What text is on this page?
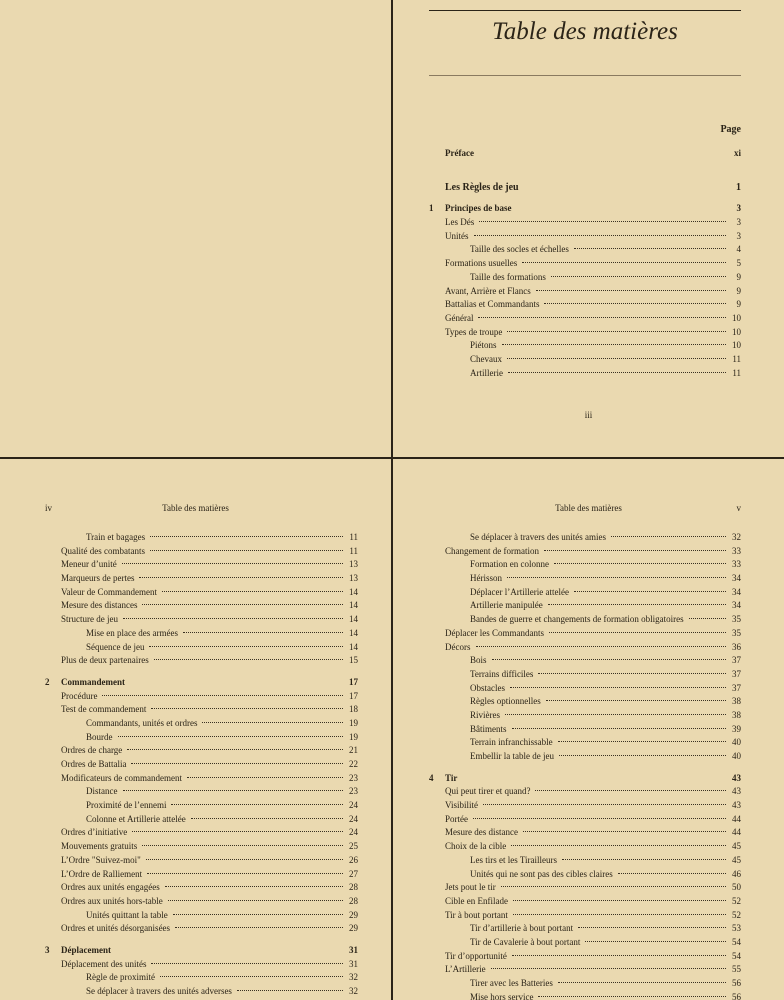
Table des matières
Page
Préface	xi
Les Règles de jeu	1
1	Principes de base	3
Les Dés	3
Unités	3
Taille des socles et échelles	4
Formations usuelles	5
Taille des formations	9
Avant, Arrière et Flancs	9
Battalias et Commandants	9
Général	10
Types de troupe	10
Piétons	10
Chevaux	11
Artillerie	11
iii
iv	Table des matières
Train et bagages	11
Qualité des combatants	11
Meneur d’unité	13
Marqueurs de pertes	13
Valeur de Commandement	14
Mesure des distances	14
Structure de jeu	14
Mise en place des armées	14
Séquence de jeu	14
Plus de deux partenaires	15
2	Commandement	17
Procédure	17
Test de commandement	18
Commandants, unités et ordres	19
Bourde	19
Ordres de charge	21
Ordres de Battalia	22
Modificateurs de commandement	23
Distance	23
Proximité de l’ennemi	24
Colonne et Artillerie attelée	24
Ordres d’initiative	24
Mouvements gratuits	25
L’Ordre "Suivez-moi"	26
L’Ordre de Ralliement	27
Ordres aux unités engagées	28
Ordres aux unités hors-table	28
Unités quittant la table	29
Ordres et unités désorganisées	29
3	Déplacement	31
Déplacement des unités	31
Règle de proximité	32
Se déplacer à travers des unités adverses	32
Table des matières	v
Se déplacer à travers des unités amies	32
Changement de formation	33
Formation en colonne	33
Hérisson	34
Déplacer l’Artillerie attelée	34
Artillerie manipulée	34
Bandes de guerre et changements de formation obligatoires	35
Déplacer les Commandants	35
Décors	36
Bois	37
Terrains difficiles	37
Obstacles	37
Règles optionnelles	38
Rivières	38
Bâtiments	39
Terrain infranchissable	40
Embellir la table de jeu	40
4	Tir	43
Qui peut tirer et quand?	43
Visibilité	43
Portée	44
Mesure des distance	44
Choix de la cible	45
Les tirs et les Tirailleurs	45
Unités qui ne sont pas des cibles claires	46
Jets pout le tir	50
Cible en Enfilade	52
Tir à bout portant	52
Tir d’artillerie à bout portant	53
Tir de Cavalerie à bout portant	54
Tir d’opportunité	54
L’Artillerie	55
Tirer avec les Batteries	56
Mise hors service	56
